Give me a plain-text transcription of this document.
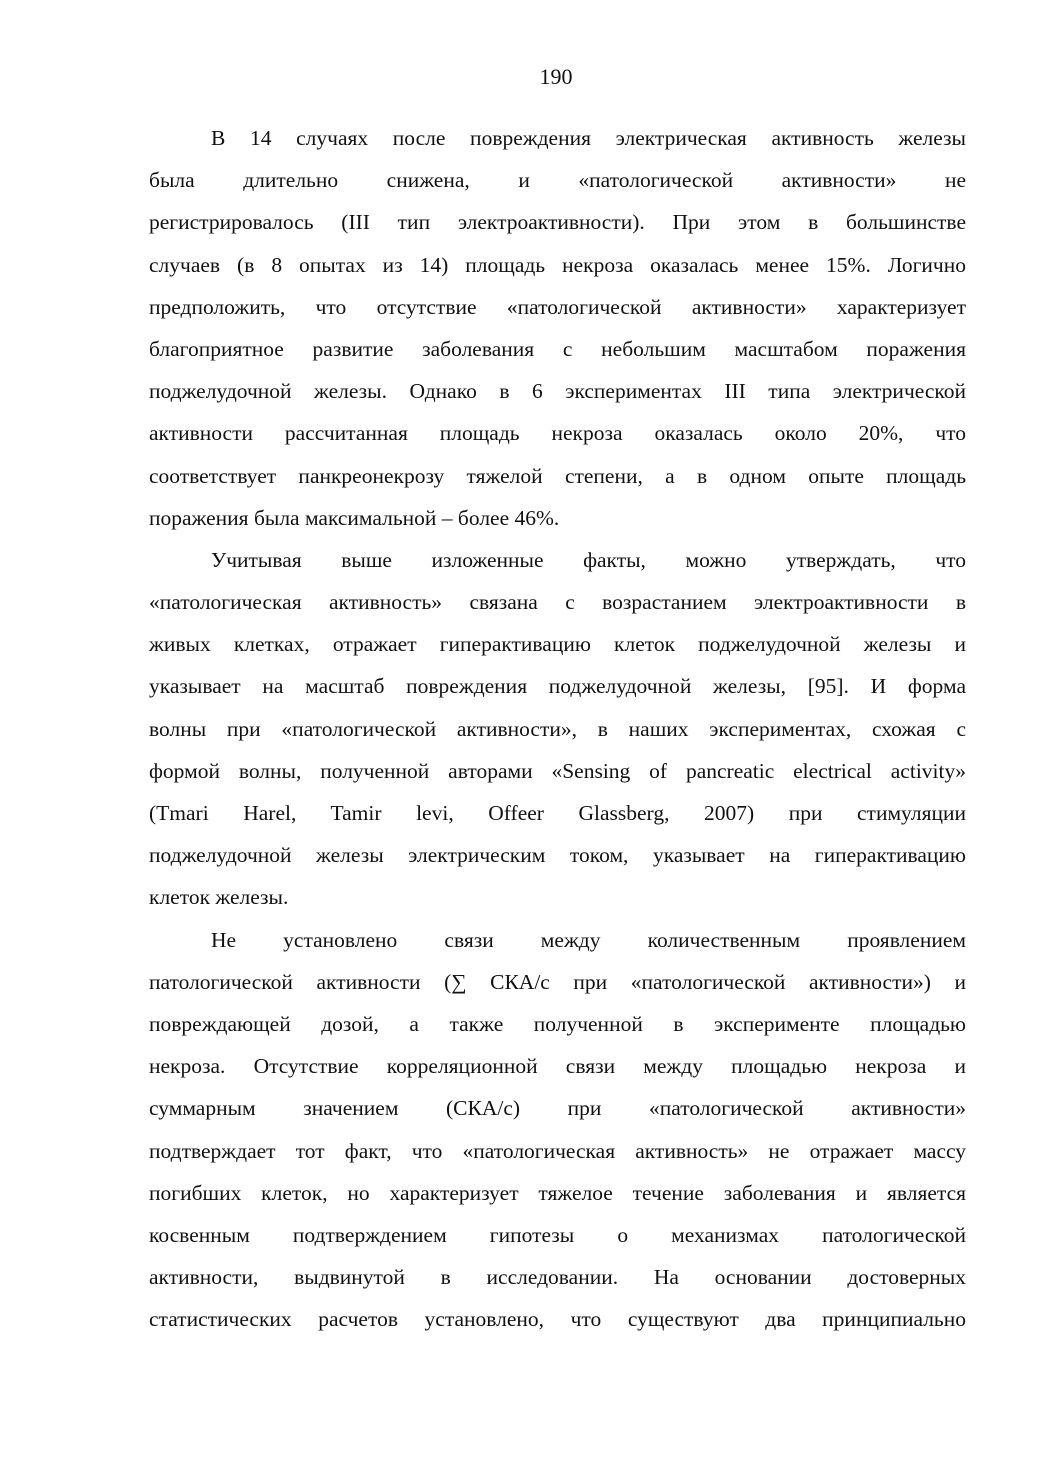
190
В 14 случаях после повреждения электрическая активность железы
была длительно снижена, и «патологической активности» не
регистрировалось (III тип электроактивности). При этом в большинстве
случаев (в 8 опытах из 14) площадь некроза оказалась менее 15%. Логично
предположить, что отсутствие «патологической активности» характеризует
благоприятное развитие заболевания с небольшим масштабом поражения
поджелудочной железы. Однако в 6 экспериментах III типа электрической
активности рассчитанная площадь некроза оказалась около 20%, что
соответствует панкреонекрозу тяжелой степени, а в одном опыте площадь
поражения была максимальной – более 46%.
Учитывая выше изложенные факты, можно утверждать, что
«патологическая активность» связана с возрастанием электроактивности в
живых клетках, отражает гиперактивацию клеток поджелудочной железы и
указывает на масштаб повреждения поджелудочной железы, [95]. И форма
волны при «патологической активности», в наших экспериментах, схожая с
формой волны, полученной авторами «Sensing of pancreatic electrical activity»
(Tmari Harel, Tamir levi, Offeer Glassberg, 2007) при стимуляции
поджелудочной железы электрическим током, указывает на гиперактивацию
клеток железы.
Не установлено связи между количественным проявлением
патологической активности (∑ СКА/с при «патологической активности») и
повреждающей дозой, а также полученной в эксперименте площадью
некроза. Отсутствие корреляционной связи между площадью некроза и
суммарным значением (СКА/с) при «патологической активности»
подтверждает тот факт, что «патологическая активность» не отражает массу
погибших клеток, но характеризует тяжелое течение заболевания и является
косвенным подтверждением гипотезы о механизмах патологической
активности, выдвинутой в исследовании. На основании достоверных
статистических расчетов установлено, что существуют два принципиально
